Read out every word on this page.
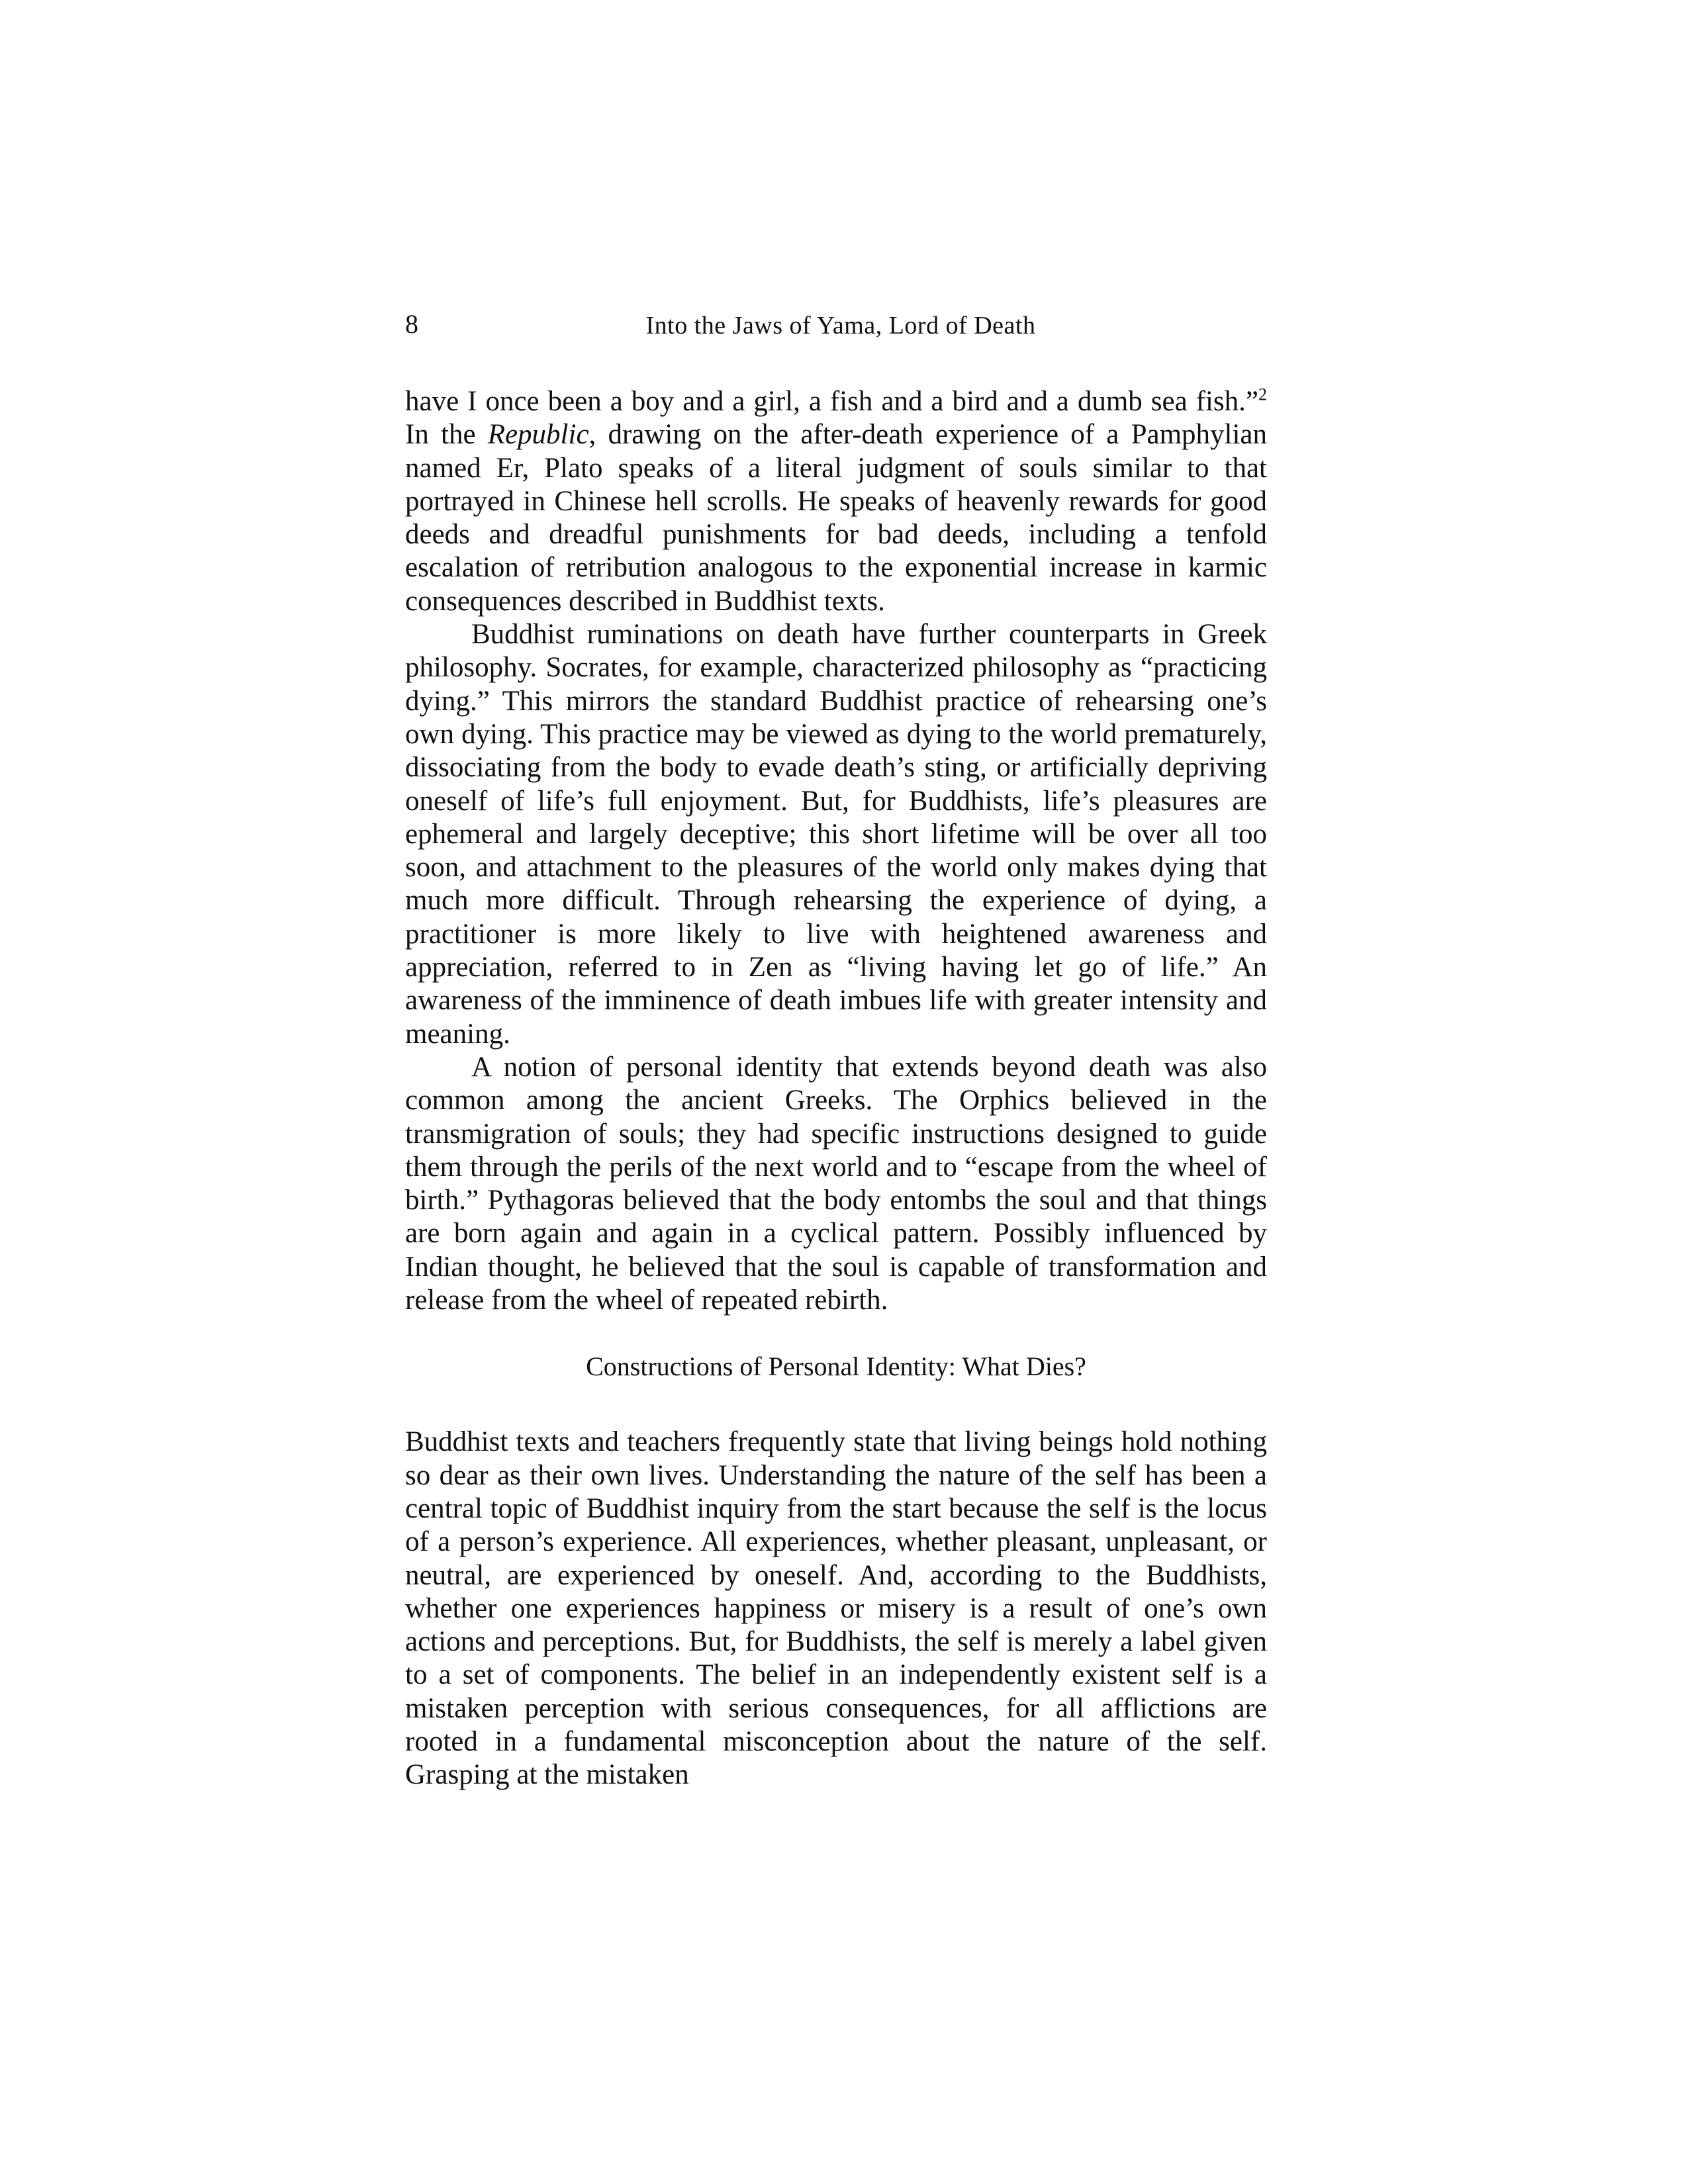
8	Into the Jaws of Yama, Lord of Death

have I once been a boy and a girl, a fish and a bird and a dumb sea fish.”$^2$ In the Republic, drawing on the after-death experience of a Pamphylian named Er, Plato speaks of a literal judgment of souls similar to that portrayed in Chinese hell scrolls. He speaks of heavenly rewards for good deeds and dreadful punishments for bad deeds, including a tenfold escalation of retribution analogous to the exponential increase in karmic consequences described in Buddhist texts.

Buddhist ruminations on death have further counterparts in Greek philosophy. Socrates, for example, characterized philosophy as “practicing dying.” This mirrors the standard Buddhist practice of rehearsing one’s own dying. This practice may be viewed as dying to the world prematurely, dissociating from the body to evade death’s sting, or artificially depriving oneself of life’s full enjoyment. But, for Buddhists, life’s pleasures are ephemeral and largely deceptive; this short lifetime will be over all too soon, and attachment to the pleasures of the world only makes dying that much more difficult. Through rehearsing the experience of dying, a practitioner is more likely to live with heightened awareness and appreciation, referred to in Zen as “living having let go of life.” An awareness of the imminence of death imbues life with greater intensity and meaning.

A notion of personal identity that extends beyond death was also common among the ancient Greeks. The Orphics believed in the transmigration of souls; they had specific instructions designed to guide them through the perils of the next world and to “escape from the wheel of birth.” Pythagoras believed that the body entombs the soul and that things are born again and again in a cyclical pattern. Possibly influenced by Indian thought, he believed that the soul is capable of transformation and release from the wheel of repeated rebirth.

Constructions of Personal Identity: What Dies?

Buddhist texts and teachers frequently state that living beings hold nothing so dear as their own lives. Understanding the nature of the self has been a central topic of Buddhist inquiry from the start because the self is the locus of a person’s experience. All experiences, whether pleasant, unpleasant, or neutral, are experienced by oneself. And, according to the Buddhists, whether one experiences happiness or misery is a result of one’s own actions and perceptions. But, for Buddhists, the self is merely a label given to a set of components. The belief in an independently existent self is a mistaken perception with serious consequences, for all afflictions are rooted in a fundamental misconception about the nature of the self. Grasping at the mistaken
